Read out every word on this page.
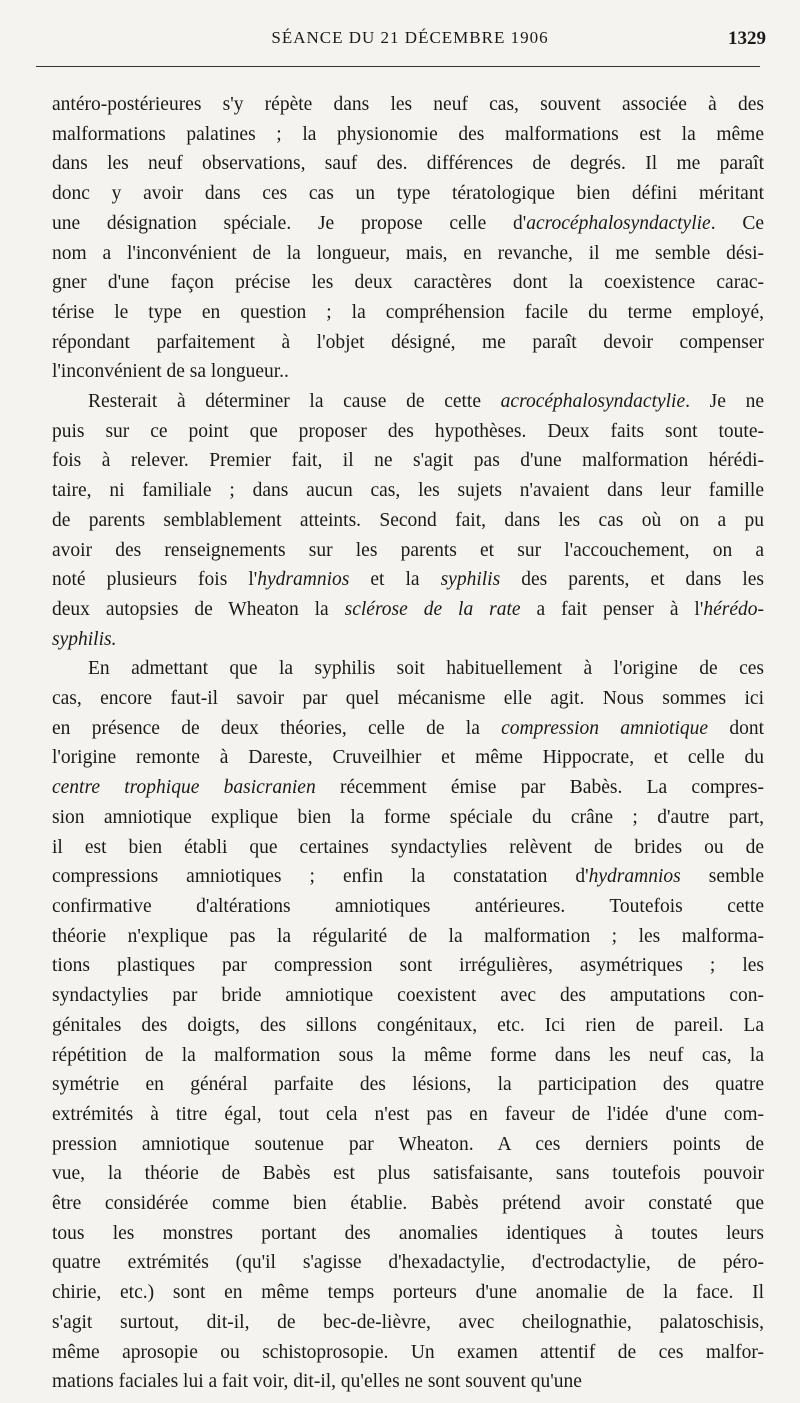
SÉANCE DU 21 DÉCEMBRE 1906	1329
antéro-postérieures s'y répète dans les neuf cas, souvent associée à des
malformations palatines ; la physionomie des malformations est la même
dans les neuf observations, sauf des. différences de degrés. Il me paraît
donc y avoir dans ces cas un type tératologique bien défini méritant
une désignation spéciale. Je propose celle d'acrocéphalosyndactylie. Ce
nom a l'inconvénient de la longueur, mais, en revanche, il me semble dési-
gner d'une façon précise les deux caractères dont la coexistence carac-
térise le type en question ; la compréhension facile du terme employé,
répondant parfaitement à l'objet désigné, me paraît devoir compenser
l'inconvénient de sa longueur..
Resterait à déterminer la cause de cette acrocéphalosyndactylie. Je ne
puis sur ce point que proposer des hypothèses. Deux faits sont toute-
fois à relever. Premier fait, il ne s'agit pas d'une malformation hérédi-
taire, ni familiale ; dans aucun cas, les sujets n'avaient dans leur famille
de parents semblablement atteints. Second fait, dans les cas où on a pu
avoir des renseignements sur les parents et sur l'accouchement, on a
noté plusieurs fois l'hydramnios et la syphilis des parents, et dans les
deux autopsies de Wheaton la sclérose de la rate a fait penser à l'hérédo-
syphilis.
En admettant que la syphilis soit habituellement à l'origine de ces
cas, encore faut-il savoir par quel mécanisme elle agit. Nous sommes ici
en présence de deux théories, celle de la compression amniotique dont
l'origine remonte à Dareste, Cruveilhier et même Hippocrate, et celle du
centre trophique basicranien récemment émise par Babès. La compres-
sion amniotique explique bien la forme spéciale du crâne ; d'autre part,
il est bien établi que certaines syndactylies relèvent de brides ou de
compressions amniotiques ; enfin la constatation d'hydramnios semble
confirmative d'altérations amniotiques antérieures. Toutefois cette
théorie n'explique pas la régularité de la malformation ; les malforma-
tions plastiques par compression sont irrégulières, asymétriques ; les
syndactylies par bride amniotique coexistent avec des amputations con-
génitales des doigts, des sillons congénitaux, etc. Ici rien de pareil. La
répétition de la malformation sous la même forme dans les neuf cas, la
symétrie en général parfaite des lésions, la participation des quatre
extrémités à titre égal, tout cela n'est pas en faveur de l'idée d'une com-
pression amniotique soutenue par Wheaton. A ces derniers points de
vue, la théorie de Babès est plus satisfaisante, sans toutefois pouvoir
être considérée comme bien établie. Babès prétend avoir constaté que
tous les monstres portant des anomalies identiques à toutes leurs
quatre extrémités (qu'il s'agisse d'hexadactylie, d'ectrodactylie, de péro-
chirie, etc.) sont en même temps porteurs d'une anomalie de la face. Il
s'agit surtout, dit-il, de bec-de-lièvre, avec cheilognathie, palatoschisis,
même aprosopie ou schistoprosopie. Un examen attentif de ces malfor-
mations faciales lui a fait voir, dit-il, qu'elles ne sont souvent qu'une
